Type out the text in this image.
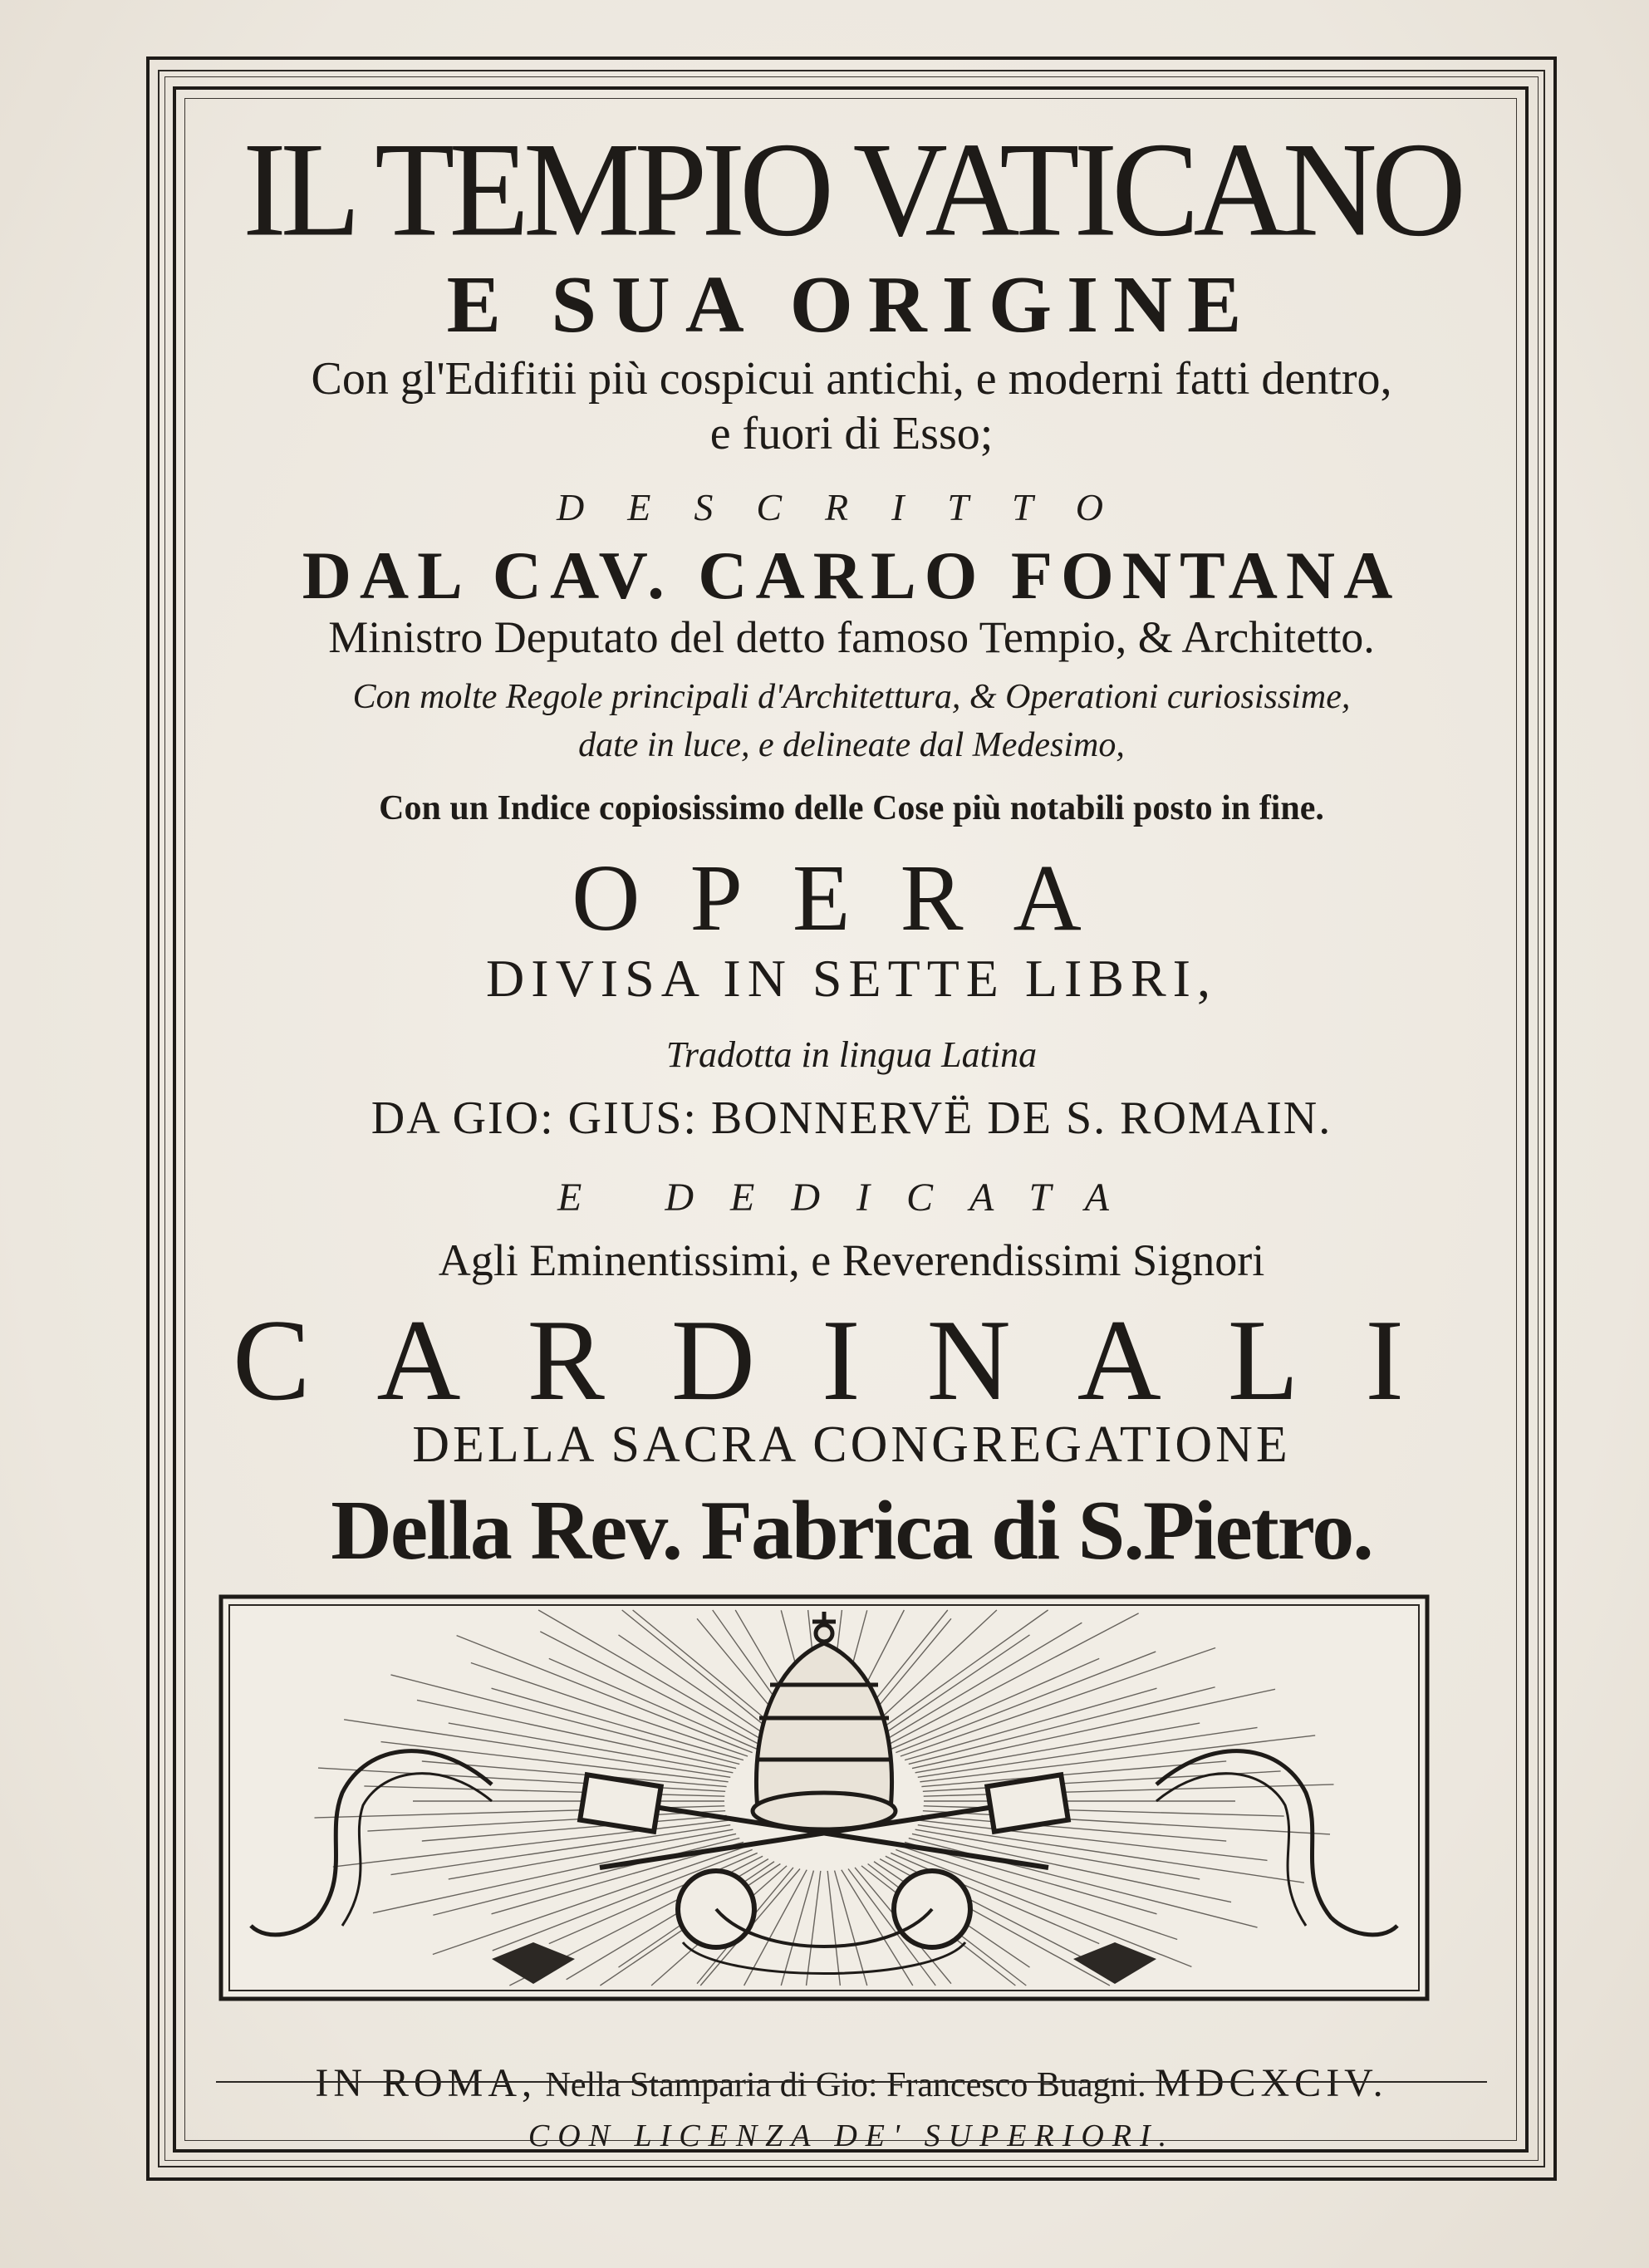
IL TEMPIO VATICANO

E SUA ORIGINE

Con gl'Edifitii più cospicui antichi, e moderni fatti dentro,

e fuori di Esso;

DESCRITTO

DAL CAV. CARLO FONTANA

Ministro Deputato del detto famoso Tempio, & Architetto.

Con molte Regole principali d'Architettura, & Operationi curiosissime,

date in luce, e delineate dal Medesimo,

Con un Indice copiosissimo delle Cose più notabili posto in fine.

OPERA

DIVISA IN SETTE LIBRI,

Tradotta in lingua Latina

DA GIO: GIUS: BONNERVË DE S. ROMAIN.

E DEDICATA

Agli Eminentissimi, e Reverendissimi Signori

CARDINALI

DELLA SACRA CONGREGATIONE

Della Rev. Fabrica di S.Pietro.

IN ROMA, Nella Stamparia di Gio: Francesco Buagni. MDCXCIV.

CON LICENZA DE' SUPERIORI.
